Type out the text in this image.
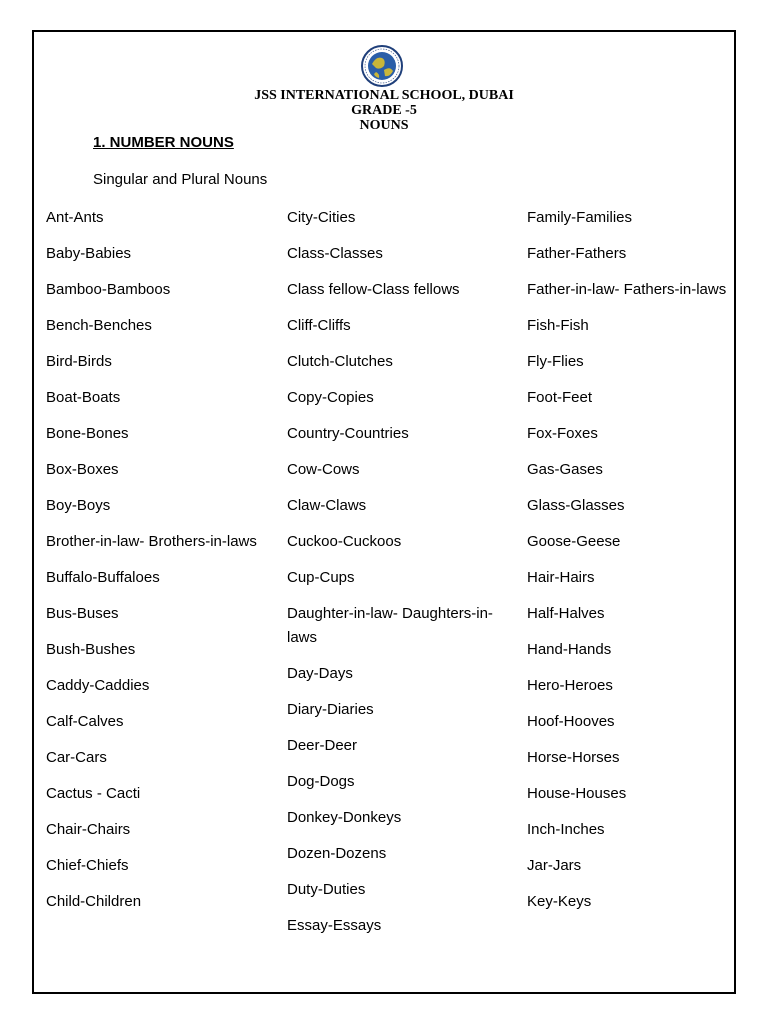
JSS INTERNATIONAL SCHOOL, DUBAI
GRADE -5
NOUNS
1. NUMBER NOUNS
Singular and Plural Nouns
Ant-Ants
Baby-Babies
Bamboo-Bamboos
Bench-Benches
Bird-Birds
Boat-Boats
Bone-Bones
Box-Boxes
Boy-Boys
Brother-in-law- Brothers-in-laws
Buffalo-Buffaloes
Bus-Buses
Bush-Bushes
Caddy-Caddies
Calf-Calves
Car-Cars
Cactus - Cacti
Chair-Chairs
Chief-Chiefs
Child-Children
City-Cities
Class-Classes
Class fellow-Class fellows
Cliff-Cliffs
Clutch-Clutches
Copy-Copies
Country-Countries
Cow-Cows
Claw-Claws
Cuckoo-Cuckoos
Cup-Cups
Daughter-in-law- Daughters-in-laws
Day-Days
Diary-Diaries
Deer-Deer
Dog-Dogs
Donkey-Donkeys
Dozen-Dozens
Duty-Duties
Essay-Essays
Family-Families
Father-Fathers
Father-in-law- Fathers-in-laws
Fish-Fish
Fly-Flies
Foot-Feet
Fox-Foxes
Gas-Gases
Glass-Glasses
Goose-Geese
Hair-Hairs
Half-Halves
Hand-Hands
Hero-Heroes
Hoof-Hooves
Horse-Horses
House-Houses
Inch-Inches
Jar-Jars
Key-Keys
